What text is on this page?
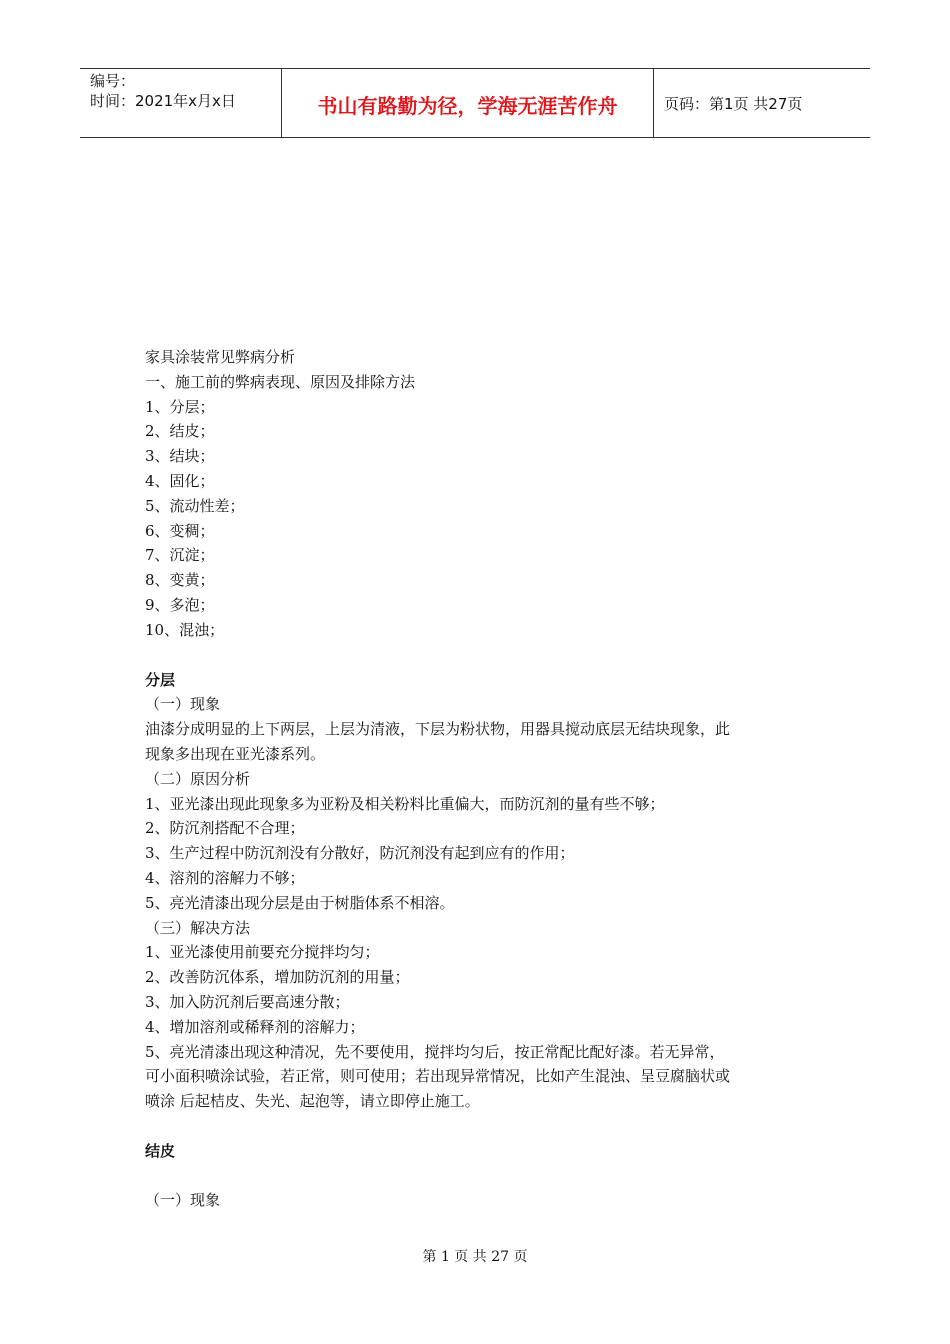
编号：
时间：2021年x月x日	书山有路勤为径，学海无涯苦作舟	页码：第1页 共27页
家具涂装常见弊病分析
一、施工前的弊病表现、原因及排除方法
1、分层；
2、结皮；
3、结块；
4、固化；
5、流动性差；
6、变稠；
7、沉淀；
8、变黄；
9、多泡；
10、混浊；
分层
（一）现象
油漆分成明显的上下两层，上层为清液，下层为粉状物，用器具搅动底层无结块现象，此
现象多出现在亚光漆系列。
（二）原因分析
1、亚光漆出现此现象多为亚粉及相关粉料比重偏大，而防沉剂的量有些不够；
2、防沉剂搭配不合理；
3、生产过程中防沉剂没有分散好，防沉剂没有起到应有的作用；
4、溶剂的溶解力不够；
5、亮光清漆出现分层是由于树脂体系不相溶。
（三）解决方法
1、亚光漆使用前要充分搅拌均匀；
2、改善防沉体系，增加防沉剂的用量；
3、加入防沉剂后要高速分散；
4、增加溶剂或稀释剂的溶解力；
5、亮光清漆出现这种清况，先不要使用，搅拌均匀后，按正常配比配好漆。若无异常，
可小面积喷涂试验，若正常，则可使用；若出现异常情况，比如产生混浊、呈豆腐脑状或
喷涂 后起桔皮、失光、起泡等，请立即停止施工。
结皮
（一）现象
第 1 页 共 27 页
